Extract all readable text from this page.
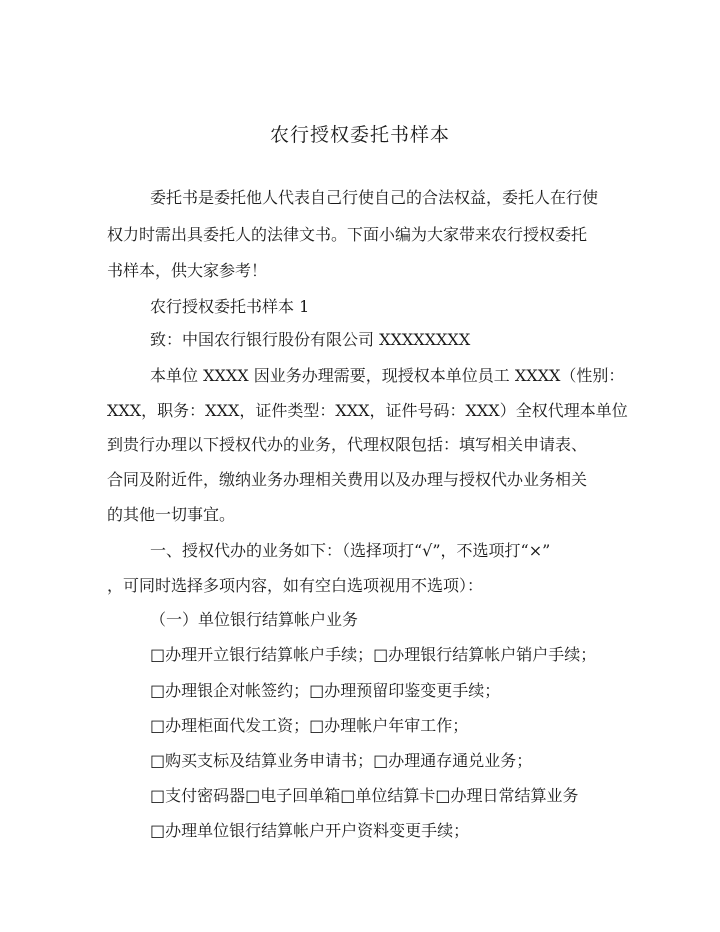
农行授权委托书样本
委托书是委托他人代表自己行使自己的合法权益，委托人在行使
权力时需出具委托人的法律文书。下面小编为大家带来农行授权委托
书样本，供大家参考！
农行授权委托书样本 1
致：中国农行银行股份有限公司 XXXXXXXX
本单位 XXXX 因业务办理需要，现授权本单位员工 XXXX（性别：
XXX，职务：XXX，证件类型：XXX，证件号码：XXX）全权代理本单位
到贵行办理以下授权代办的业务，代理权限包括：填写相关申请表、
合同及附近件，缴纳业务办理相关费用以及办理与授权代办业务相关
的其他一切事宜。
一、授权代办的业务如下：（选择项打“√”，不选项打“×”
，可同时选择多项内容，如有空白选项视用不选项）：
（一）单位银行结算帐户业务
□办理开立银行结算帐户手续；□办理银行结算帐户销户手续；
□办理银企对帐签约；□办理预留印鉴变更手续；
□办理柜面代发工资；□办理帐户年审工作；
□购买支标及结算业务申请书；□办理通存通兑业务；
□支付密码器□电子回单箱□单位结算卡□办理日常结算业务
□办理单位银行结算帐户开户资料变更手续；
